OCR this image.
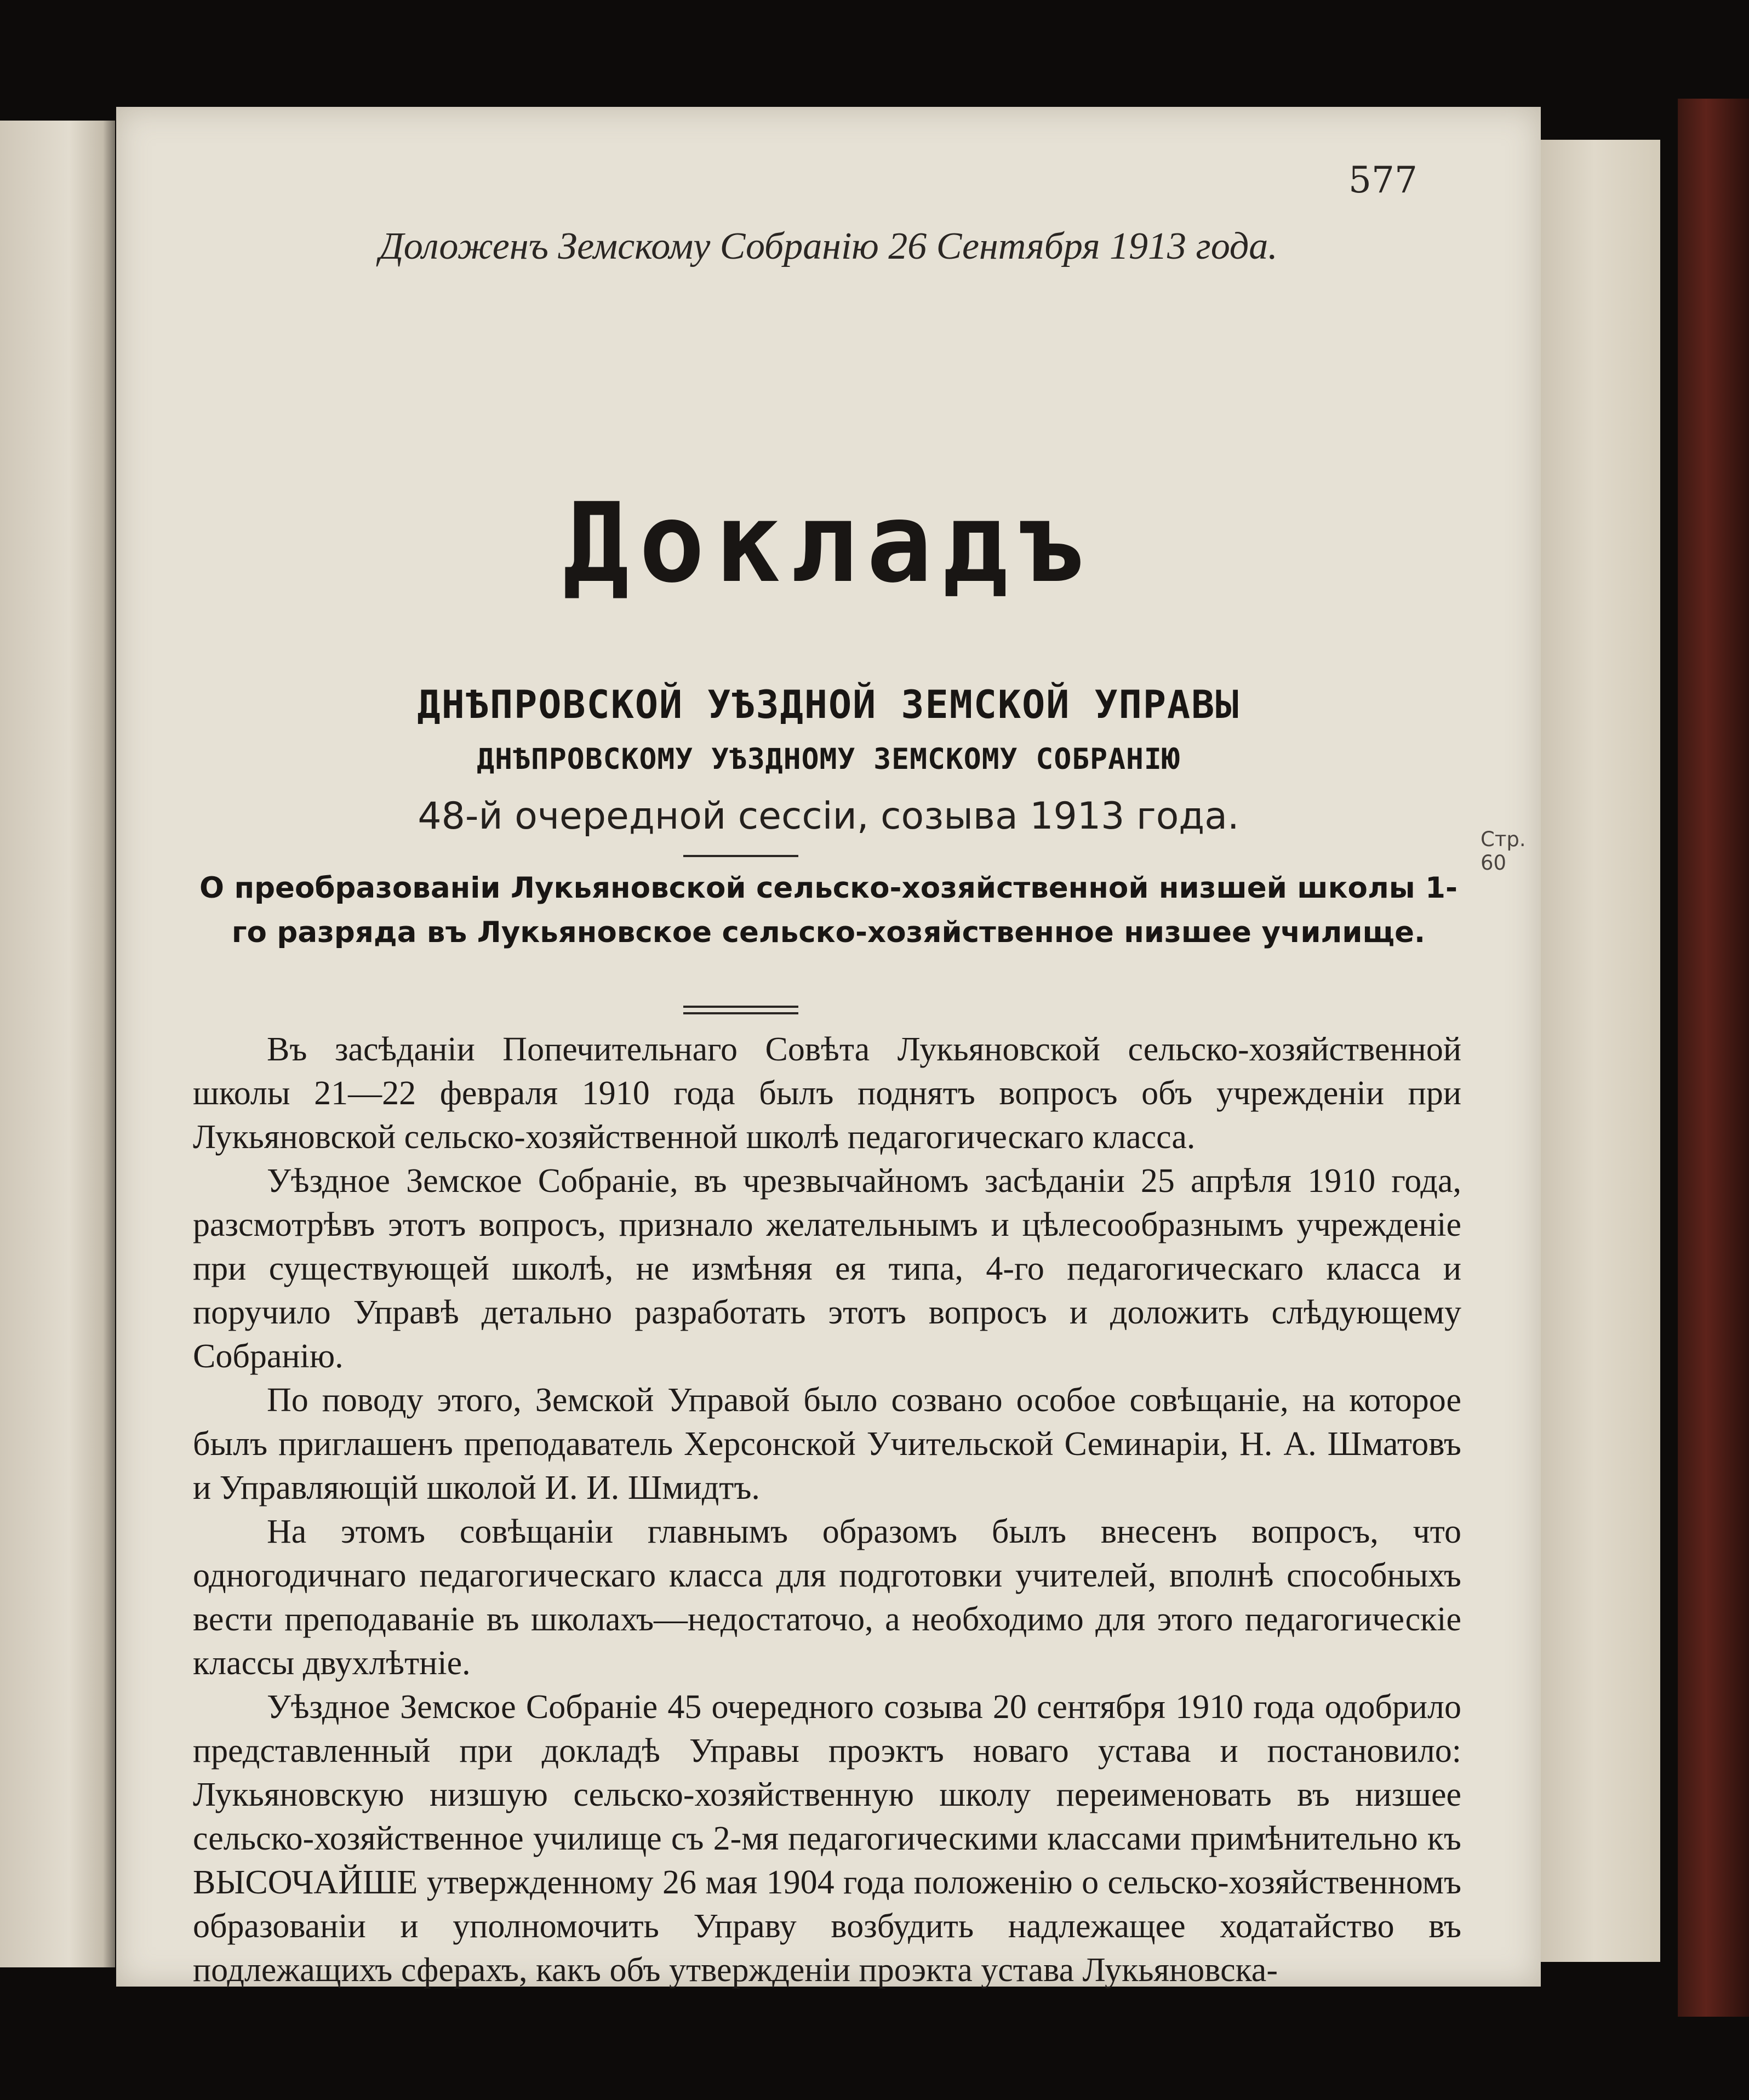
577
Доложенъ Земскому Собранію 26 Сентября 1913 года.
Докладъ
ДНѢПРОВСКОЙ УѢЗДНОЙ ЗЕМСКОЙ УПРАВЫ
ДНѢПРОВСКОМУ УѢЗДНОМУ ЗЕМСКОМУ СОБРАНІЮ
48-й очередной сессіи, созыва 1913 года.
Стр. 60
О преобразованіи Лукьяновской сельско-хозяйственной низшей школы 1-го разряда въ Лукьяновское сельско-хозяйственное низшее училище.

Въ засѣданіи Попечительнаго Совѣта Лукьяновской сельско-хозяйственной школы 21—22 февраля 1910 года былъ поднятъ вопросъ объ учрежденіи при Лукьяновской сельско-хозяйственной школѣ педагогическаго класса.

Уѣздное Земское Собраніе, въ чрезвычайномъ засѣданіи 25 апрѣля 1910 года, разсмотрѣвъ этотъ вопросъ, признало желательнымъ и цѣлесообразнымъ учрежденіе при существующей школѣ, не измѣняя ея типа, 4-го педагогическаго класса и поручило Управѣ детально разработать этотъ вопросъ и доложить слѣдующему Собранію.

По поводу этого, Земской Управой было созвано особое совѣщаніе, на которое былъ приглашенъ преподаватель Херсонской Учительской Семинаріи, Н. А. Шматовъ и Управляющій школой И. И. Шмидтъ.

На этомъ совѣщаніи главнымъ образомъ былъ внесенъ вопросъ, что одногодичнаго педагогическаго класса для подготовки учителей, вполнѣ способныхъ вести преподаваніе въ школахъ—недостаточо, а необходимо для этого педагогическіе классы двухлѣтніе.

Уѣздное Земское Собраніе 45 очередного созыва 20 сентября 1910 года одобрило представленный при докладѣ Управы проэктъ новаго устава и постановило: Лукьяновскую низшую сельско-хозяйственную школу переименовать въ низшее сельско-хозяйственное училище съ 2-мя педагогическими классами примѣнительно къ ВЫСОЧАЙШЕ утвержденному 26 мая 1904 года положенію о сельско-хозяйственномъ образованіи и уполномочить Управу возбудить надлежащее ходатайство въ подлежащихъ сферахъ, какъ объ утвержденіи проэкта устава Лукьяновска-
